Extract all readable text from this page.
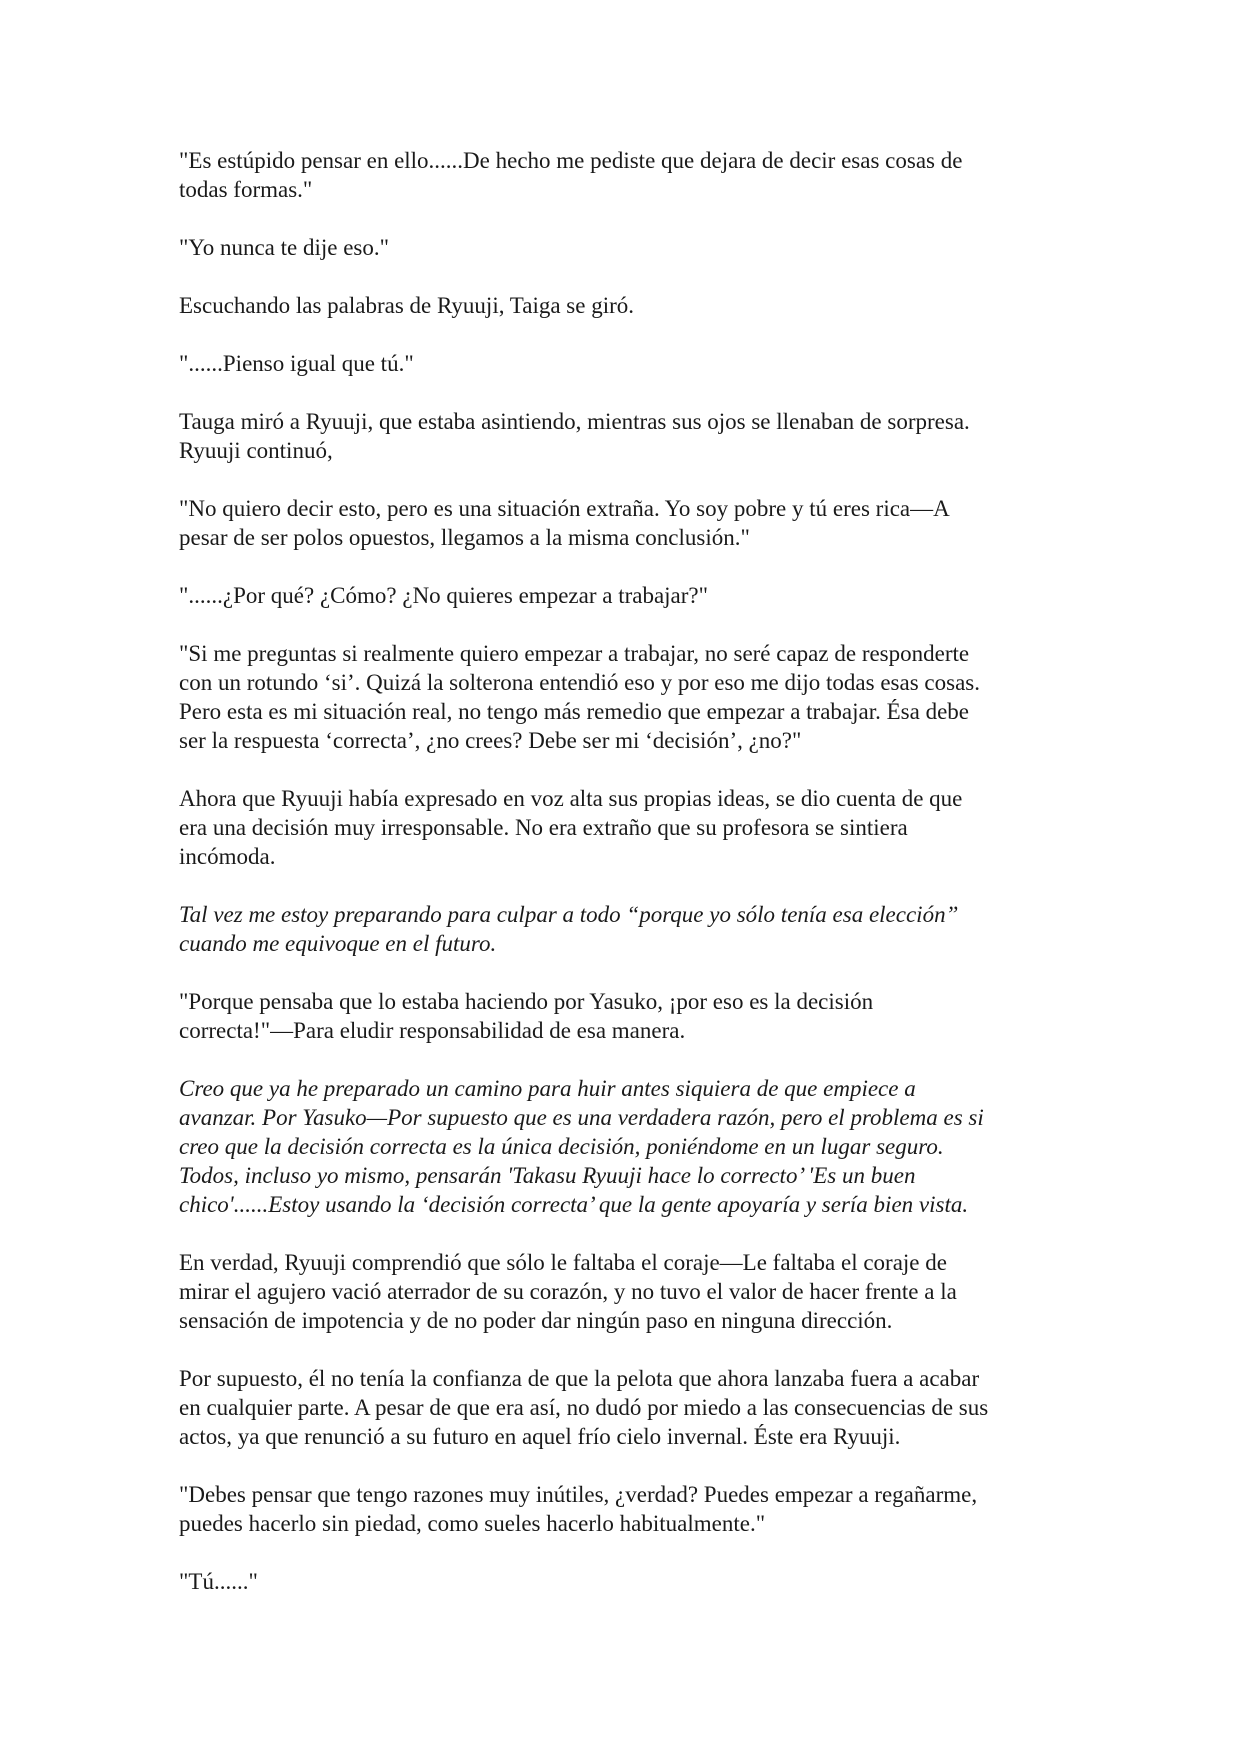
"Es estúpido pensar en ello......De hecho me pediste que dejara de decir esas cosas de
todas formas."

"Yo nunca te dije eso."

Escuchando las palabras de Ryuuji, Taiga se giró.

"......Pienso igual que tú."

Tauga miró a Ryuuji, que estaba asintiendo, mientras sus ojos se llenaban de sorpresa.
Ryuuji continuó,

"No quiero decir esto, pero es una situación extraña. Yo soy pobre y tú eres rica—A
pesar de ser polos opuestos, llegamos a la misma conclusión."

"......¿Por qué? ¿Cómo? ¿No quieres empezar a trabajar?"

"Si me preguntas si realmente quiero empezar a trabajar, no seré capaz de responderte
con un rotundo ‘si’. Quizá la solterona entendió eso y por eso me dijo todas esas cosas.
Pero esta es mi situación real, no tengo más remedio que empezar a trabajar. Ésa debe
ser la respuesta ‘correcta’, ¿no crees? Debe ser mi ‘decisión’, ¿no?"

Ahora que Ryuuji había expresado en voz alta sus propias ideas, se dio cuenta de que
era una decisión muy irresponsable. No era extraño que su profesora se sintiera
incómoda.

Tal vez me estoy preparando para culpar a todo “porque yo sólo tenía esa elección”
cuando me equivoque en el futuro.

"Porque pensaba que lo estaba haciendo por Yasuko, ¡por eso es la decisión
correcta!"—Para eludir responsabilidad de esa manera.

Creo que ya he preparado un camino para huir antes siquiera de que empiece a
avanzar. Por Yasuko—Por supuesto que es una verdadera razón, pero el problema es si
creo que la decisión correcta es la única decisión, poniéndome en un lugar seguro.
Todos, incluso yo mismo, pensarán 'Takasu Ryuuji hace lo correcto’ 'Es un buen
chico'......Estoy usando la ‘decisión correcta’ que la gente apoyaría y sería bien vista.

En verdad, Ryuuji comprendió que sólo le faltaba el coraje—Le faltaba el coraje de
mirar el agujero vació aterrador de su corazón, y no tuvo el valor de hacer frente a la
sensación de impotencia y de no poder dar ningún paso en ninguna dirección.

Por supuesto, él no tenía la confianza de que la pelota que ahora lanzaba fuera a acabar
en cualquier parte. A pesar de que era así, no dudó por miedo a las consecuencias de sus
actos, ya que renunció a su futuro en aquel frío cielo invernal. Éste era Ryuuji.

"Debes pensar que tengo razones muy inútiles, ¿verdad? Puedes empezar a regañarme,
puedes hacerlo sin piedad, como sueles hacerlo habitualmente."

"Tú......"
